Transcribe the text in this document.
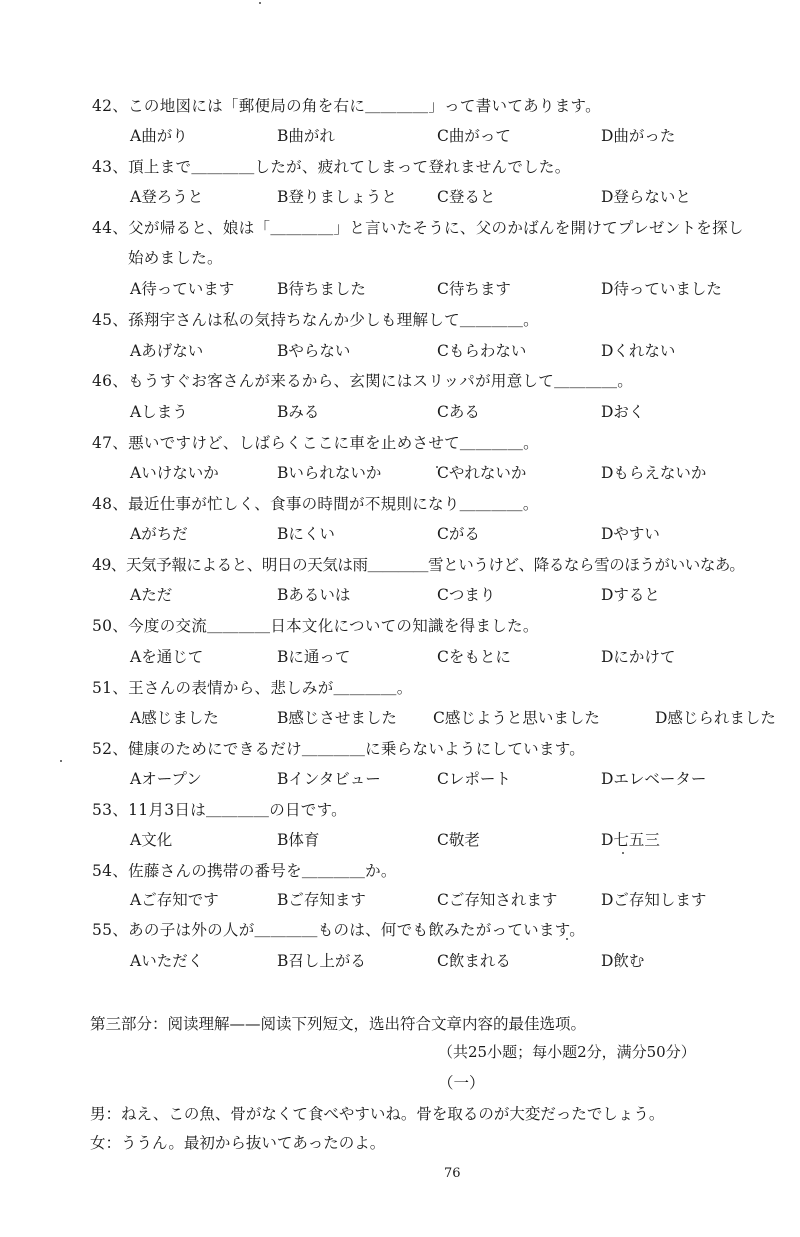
42、この地図には「郵便局の角を右に＿＿＿＿」って書いてあります。
A曲がり	B曲がれ	C曲がって	D曲がった
43、頂上まで＿＿＿＿したが、疲れてしまって登れませんでした。
A登ろうと	B登りましょうと	C登ると	D登らないと
44、父が帰ると、娘は「＿＿＿＿」と言いたそうに、父のかばんを開けてプレゼントを探し
始めました。
A待っています	B待ちました	C待ちます	D待っていました
45、孫翔宇さんは私の気持ちなんか少しも理解して＿＿＿＿。
Aあげない	Bやらない	Cもらわない	Dくれない
46、もうすぐお客さんが来るから、玄関にはスリッパが用意して＿＿＿＿。
Aしまう	Bみる	Cある	Dおく
47、悪いですけど、しばらくここに車を止めさせて＿＿＿＿。
Aいけないか	Bいられないか	Cやれないか	Dもらえないか
48、最近仕事が忙しく、食事の時間が不規則になり＿＿＿＿。
Aがちだ	Bにくい	Cがる	Dやすい
49、天気予報によると、明日の天気は雨＿＿＿＿雪というけど、降るなら雪のほうがいいなあ。
Aただ	Bあるいは	Cつまり	Dすると
50、今度の交流＿＿＿＿日本文化についての知識を得ました。
Aを通じて	Bに通って	Cをもとに	Dにかけて
51、王さんの表情から、悲しみが＿＿＿＿。
A感じました	B感じさせました C感じようと思いました	D感じられました
52、健康のためにできるだけ＿＿＿＿に乗らないようにしています。
Aオープン	Bインタビュー	Cレポート	Dエレベーター
53、11月3日は＿＿＿＿の日です。
A文化	B体育	C敬老	D七五三
54、佐藤さんの携帯の番号を＿＿＿＿か。
Aご存知です	Bご存知ます	Cご存知されます	Dご存知します
55、あの子は外の人が＿＿＿＿ものは、何でも飲みたがっています。
Aいただく	B召し上がる	C飲まれる	D飲む
第三部分：阅读理解——阅读下列短文，选出符合文章内容的最佳选项。
（共25小题；每小题2分，满分50分）
（一）
男：ねえ、この魚、骨がなくて食べやすいね。骨を取るのが大変だったでしょう。
女：ううん。最初から抜いてあったのよ。
76
